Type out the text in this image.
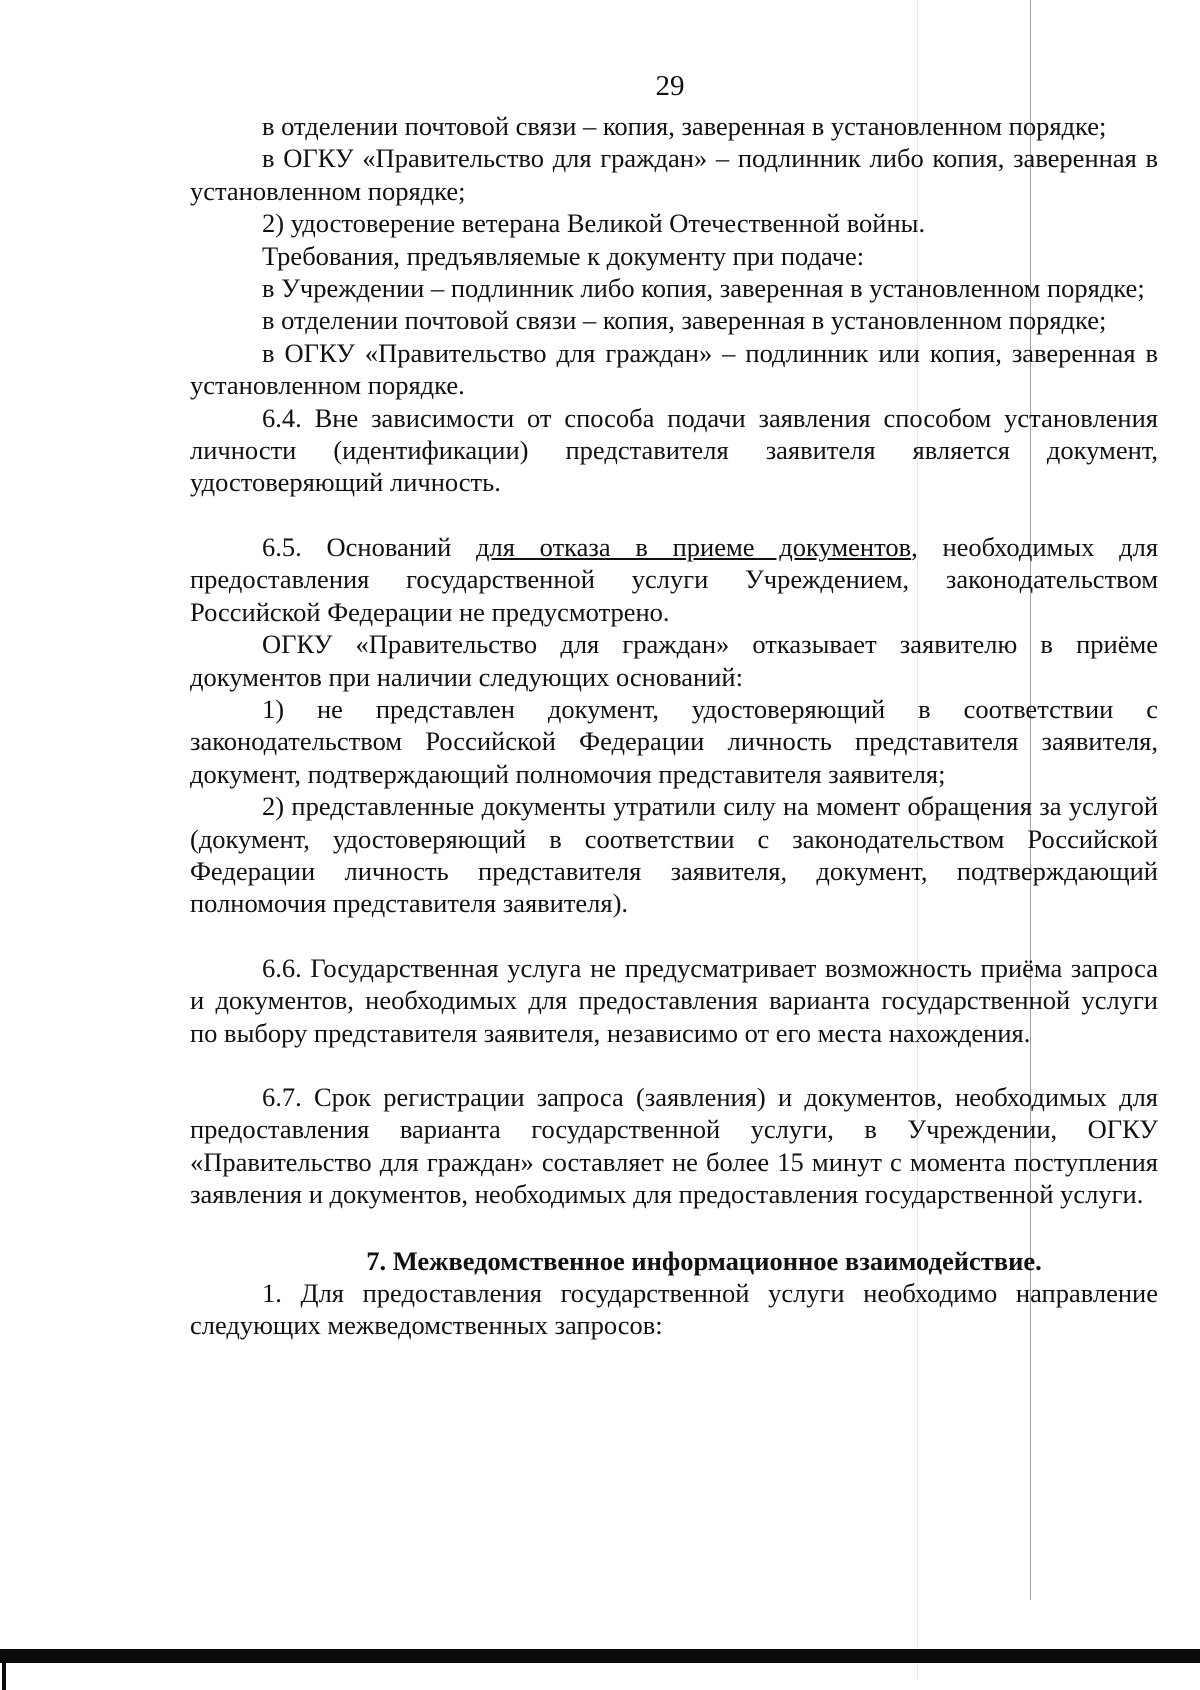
29

в отделении почтовой связи – копия, заверенная в установленном порядке;

в ОГКУ «Правительство для граждан» – подлинник либо копия, заверенная в установленном порядке;

2) удостоверение ветерана Великой Отечественной войны.

Требования, предъявляемые к документу при подаче:

в Учреждении – подлинник либо копия, заверенная в установленном порядке;

в отделении почтовой связи – копия, заверенная в установленном порядке;

в ОГКУ «Правительство для граждан» – подлинник или копия, заверенная в установленном порядке.

6.4. Вне зависимости от способа подачи заявления способом установления личности (идентификации) представителя заявителя является документ, удостоверяющий личность.

6.5. Оснований для отказа в приеме документов, необходимых для предоставления государственной услуги Учреждением, законодательством Российской Федерации не предусмотрено.

ОГКУ «Правительство для граждан» отказывает заявителю в приёме документов при наличии следующих оснований:

1) не представлен документ, удостоверяющий в соответствии с законодательством Российской Федерации личность представителя заявителя, документ, подтверждающий полномочия представителя заявителя;

2) представленные документы утратили силу на момент обращения за услугой (документ, удостоверяющий в соответствии с законодательством Российской Федерации личность представителя заявителя, документ, подтверждающий полномочия представителя заявителя).

6.6. Государственная услуга не предусматривает возможность приёма запроса и документов, необходимых для предоставления варианта государственной услуги по выбору представителя заявителя, независимо от его места нахождения.

6.7. Срок регистрации запроса (заявления) и документов, необходимых для предоставления варианта государственной услуги, в Учреждении, ОГКУ «Правительство для граждан» составляет не более 15 минут с момента поступления заявления и документов, необходимых для предоставления государственной услуги.

7. Межведомственное информационное взаимодействие.

1. Для предоставления государственной услуги необходимо направление следующих межведомственных запросов:
